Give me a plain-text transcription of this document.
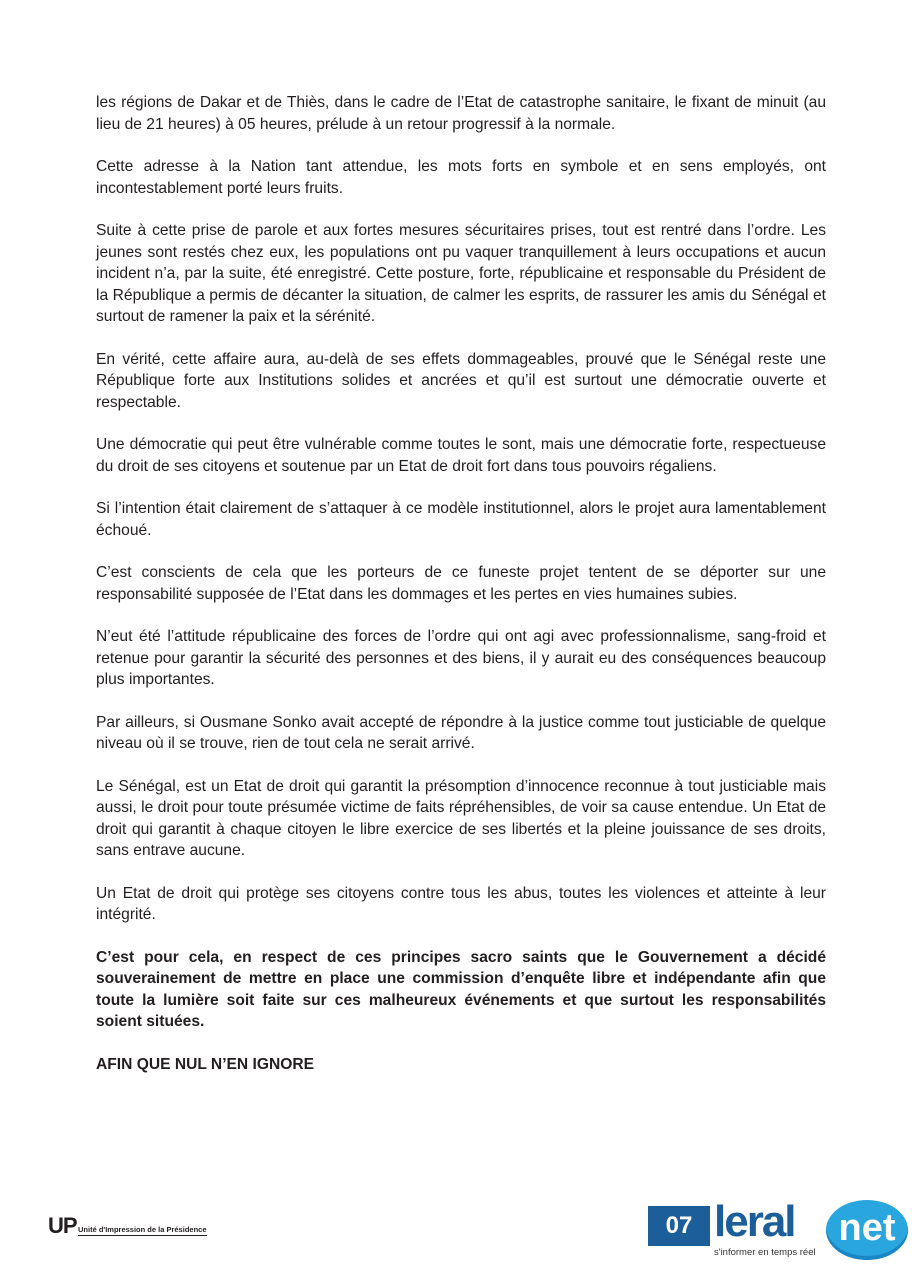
les régions de Dakar et de Thiès, dans le cadre de l’Etat de catastrophe sanitaire, le fixant de minuit (au lieu de 21 heures) à 05 heures, prélude à un retour progressif à la normale.

Cette adresse à la Nation tant attendue, les mots forts en symbole et en sens employés, ont incontestablement porté leurs fruits.

Suite à cette prise de parole et aux fortes mesures sécuritaires prises, tout est rentré dans l’ordre. Les jeunes sont restés chez eux, les populations ont pu vaquer tranquillement à leurs occupations et aucun incident n’a, par la suite, été enregistré. Cette posture, forte, républicaine et responsable du Président de la République a permis de décanter la situation, de calmer les esprits, de rassurer les amis du Sénégal et surtout de ramener la paix et la sérénité.

En vérité, cette affaire aura, au-delà de ses effets dommageables, prouvé que le Sénégal reste une République forte aux Institutions solides et ancrées et qu’il est surtout une démocratie ouverte et respectable.

Une démocratie qui peut être vulnérable comme toutes le sont, mais une démocratie forte, respectueuse du droit de ses citoyens et soutenue par un Etat de droit fort dans tous pouvoirs régaliens.

Si l’intention était clairement de s’attaquer à ce modèle institutionnel, alors le projet aura lamentablement échoué.

C’est conscients de cela que les porteurs de ce funeste projet tentent de se déporter sur une responsabilité supposée de l’Etat dans les dommages et les pertes en vies humaines subies.

N’eut été l’attitude républicaine des forces de l’ordre qui ont agi avec professionnalisme, sang-froid et retenue pour garantir la sécurité des personnes et des biens, il y aurait eu des conséquences beaucoup plus importantes.

Par ailleurs, si Ousmane Sonko avait accepté de répondre à la justice comme tout justiciable de quelque niveau où il se trouve, rien de tout cela ne serait arrivé.

Le Sénégal, est un Etat de droit qui garantit la présomption d’innocence reconnue à tout justiciable mais aussi, le droit pour toute présumée victime de faits répréhensibles, de voir sa cause entendue. Un Etat de droit qui garantit à chaque citoyen le libre exercice de ses libertés et la pleine jouissance de ses droits, sans entrave aucune.

Un Etat de droit qui protège ses citoyens contre tous les abus, toutes les violences et atteinte à leur intégrité.

C’est pour cela, en respect de ces principes sacro saints que le Gouvernement a décidé souverainement de mettre en place une commission d’enquête libre et indépendante afin que toute la lumière soit faite sur ces malheureux événements et que surtout les responsabilités soient situées.

AFIN QUE NUL N’EN IGNORE

UP Unité d'Impression de la Présidence	07 leral	net
s'informer en temps réel
